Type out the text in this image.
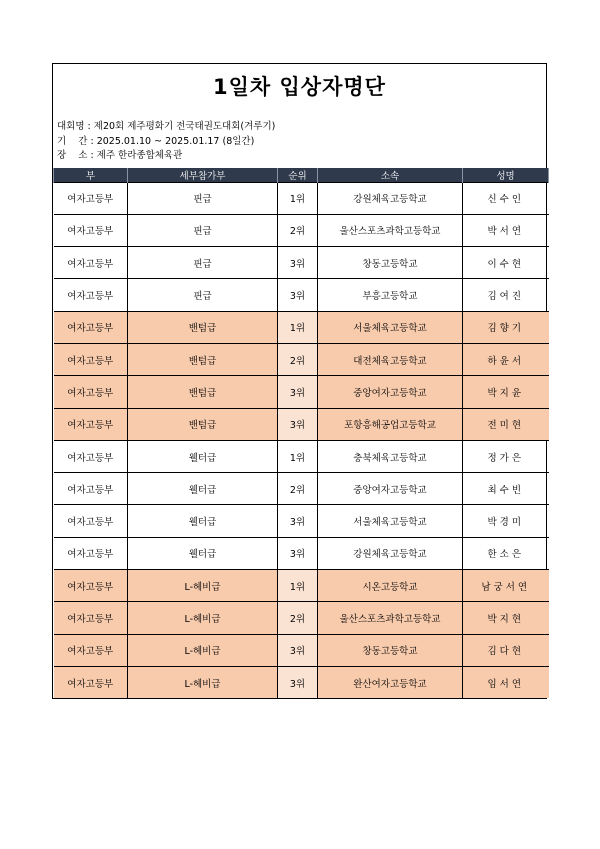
1일차 입상자명단
대회명 :
제20회 제주평화기 전국태권도대회(겨루기)
기    간 :
2025.01.10 ~ 2025.01.17 (8일간)
장    소 :
제주 한라종합체육관
부	세부참가부	순위	소속	성명
여자고등부	핀급	1위	강원체육고등학교	신수인
여자고등부	핀급	2위	울산스포츠과학고등학교	박서연
여자고등부	핀급	3위	창동고등학교	이수현
여자고등부	핀급	3위	부흥고등학교	김여진
여자고등부	밴텀급	1위	서울체육고등학교	김향기
여자고등부	밴텀급	2위	대전체육고등학교	하윤서
여자고등부	밴텀급	3위	중앙여자고등학교	박지윤
여자고등부	밴텀급	3위	포항흥해공업고등학교	전미현
여자고등부	웰터급	1위	충북체육고등학교	정가은
여자고등부	웰터급	2위	중앙여자고등학교	최수빈
여자고등부	웰터급	3위	서울체육고등학교	박경미
여자고등부	웰터급	3위	강원체육고등학교	한소은
여자고등부	L-헤비급	1위	시온고등학교	남궁서연
여자고등부	L-헤비급	2위	울산스포츠과학고등학교	박지현
여자고등부	L-헤비급	3위	창동고등학교	김다현
여자고등부	L-헤비급	3위	완산여자고등학교	임서연
